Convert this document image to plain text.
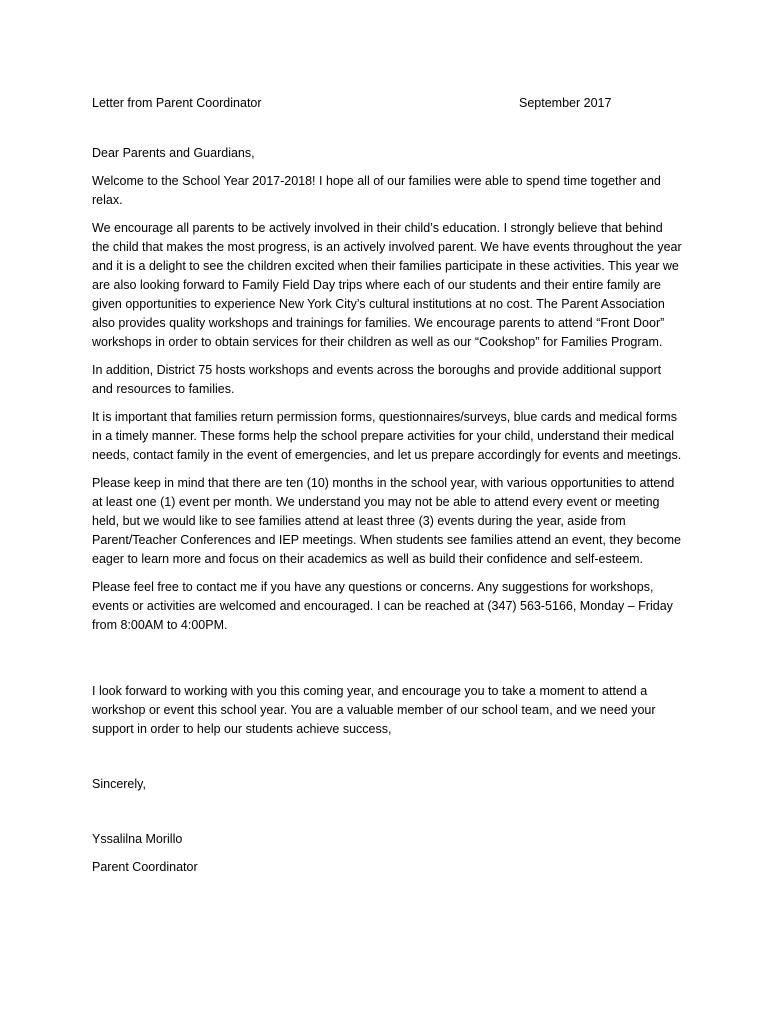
Letter from Parent Coordinator	September 2017

Dear Parents and Guardians,

Welcome to the School Year 2017-2018! I hope all of our families were able to spend time together and relax.

We encourage all parents to be actively involved in their child’s education. I strongly believe that behind the child that makes the most progress, is an actively involved parent. We have events throughout the year and it is a delight to see the children excited when their families participate in these activities. This year we are also looking forward to Family Field Day trips where each of our students and their entire family are given opportunities to experience New York City’s cultural institutions at no cost. The Parent Association also provides quality workshops and trainings for families. We encourage parents to attend “Front Door” workshops in order to obtain services for their children as well as our “Cookshop” for Families Program.

In addition, District 75 hosts workshops and events across the boroughs and provide additional support and resources to families.

It is important that families return permission forms, questionnaires/surveys, blue cards and medical forms in a timely manner. These forms help the school prepare activities for your child, understand their medical needs, contact family in the event of emergencies, and let us prepare accordingly for events and meetings.

Please keep in mind that there are ten (10) months in the school year, with various opportunities to attend at least one (1) event per month. We understand you may not be able to attend every event or meeting held, but we would like to see families attend at least three (3) events during the year, aside from Parent/Teacher Conferences and IEP meetings. When students see families attend an event, they become eager to learn more and focus on their academics as well as build their confidence and self-esteem.

Please feel free to contact me if you have any questions or concerns. Any suggestions for workshops, events or activities are welcomed and encouraged. I can be reached at (347) 563-5166, Monday – Friday from 8:00AM to 4:00PM.

I look forward to working with you this coming year, and encourage you to take a moment to attend a workshop or event this school year. You are a valuable member of our school team, and we need your support in order to help our students achieve success,

Sincerely,

Yssalilna Morillo

Parent Coordinator
